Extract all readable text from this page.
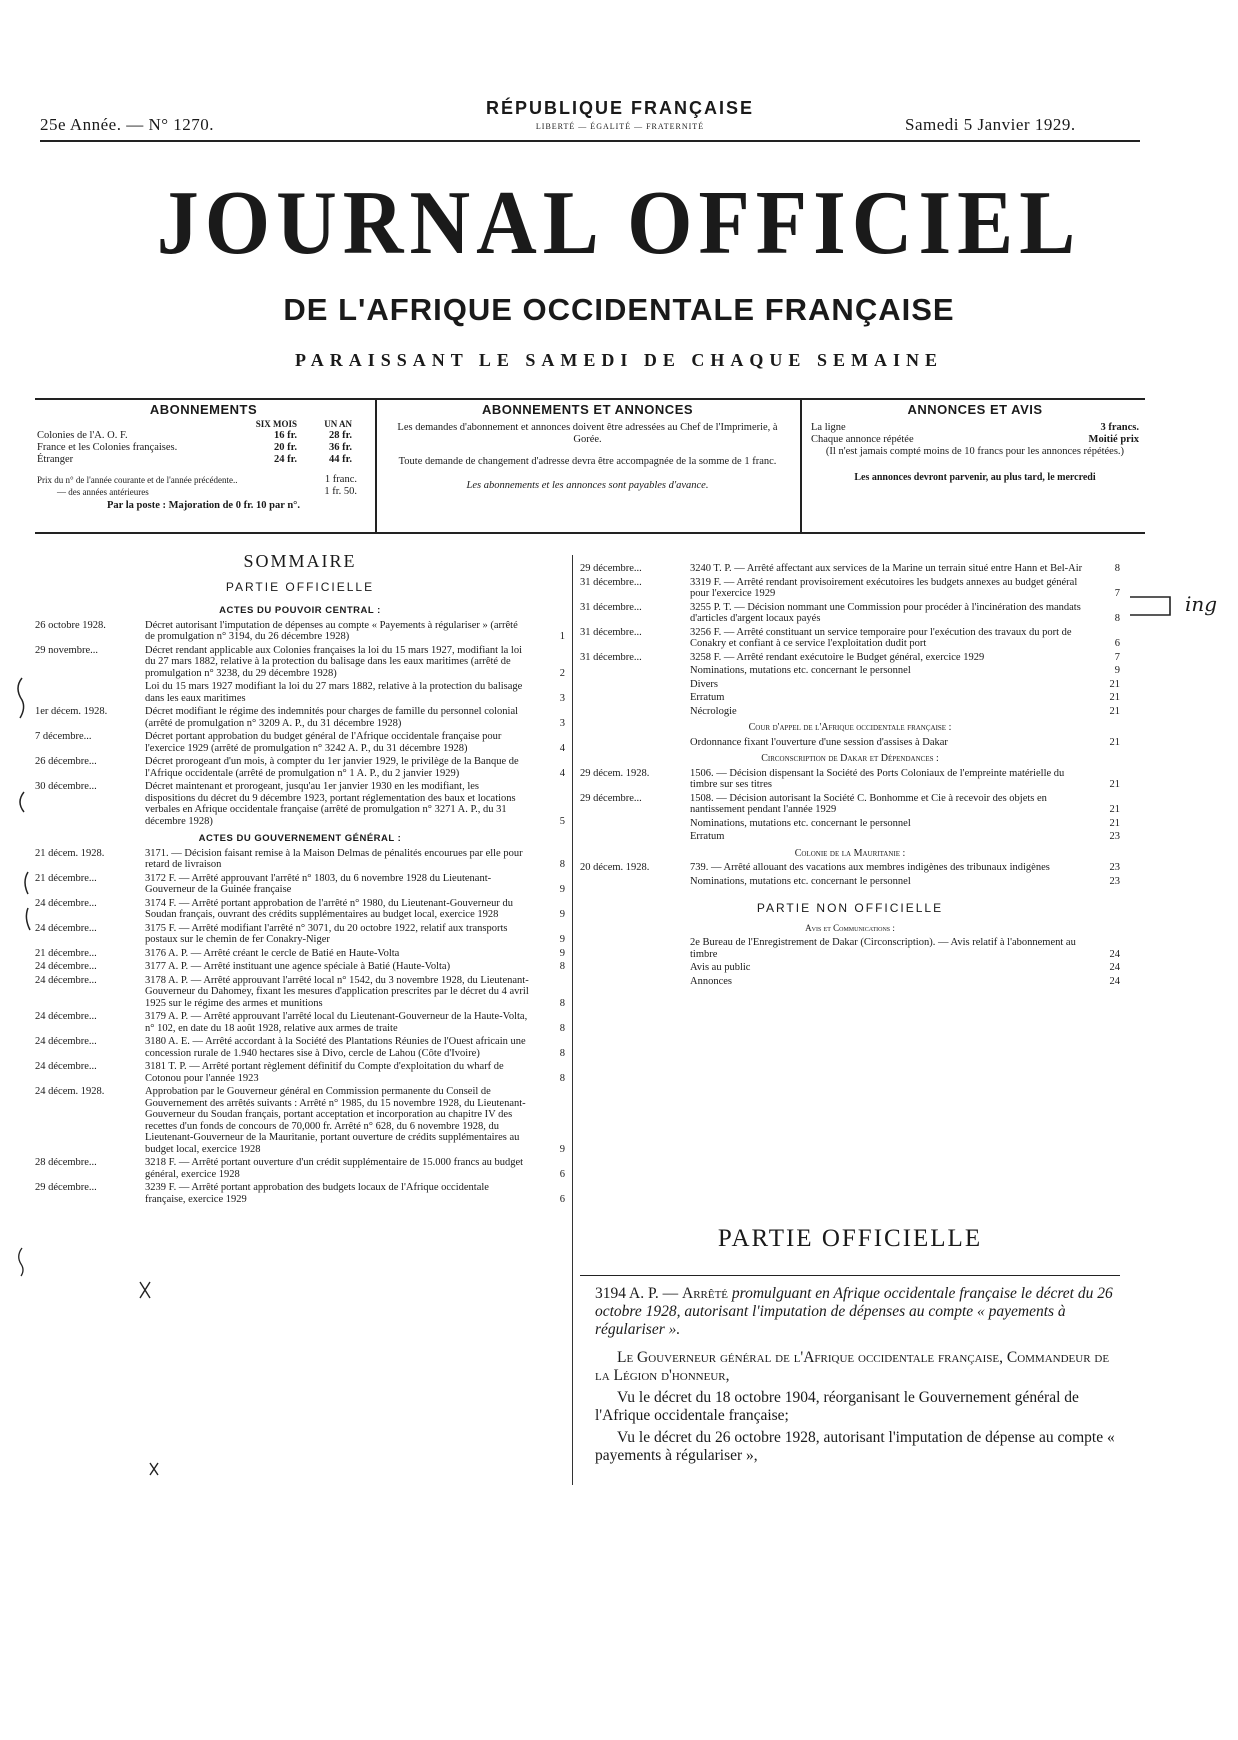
25e Année. — N° 1270.
RÉPUBLIQUE FRANÇAISE
LIBERTÉ — ÉGALITÉ — FRATERNITÉ	Samedi 5 Janvier 1929.
JOURNAL OFFICIEL
DE L'AFRIQUE OCCIDENTALE FRANÇAISE
PARAISSANT LE SAMEDI DE CHAQUE SEMAINE
ABONNEMENTS
SIX MOIS	UN AN
Colonies de l'A. O. F.	16 fr.	28 fr.
France et les Colonies françaises.	20 fr.	36 fr.
Étranger	24 fr.	44 fr.
Prix du n° de l'année courante et de l'année précédente..	1 franc.
— des années antérieures	1 fr. 50.
Par la poste : Majoration de 0 fr. 10 par n°.
ABONNEMENTS ET ANNONCES
Les demandes d'abonnement et annonces doivent être adressées au Chef de l'Imprimerie, à Gorée.
Toute demande de changement d'adresse devra être accompagnée de la somme de 1 franc.
Les abonnements et les annonces sont payables d'avance.
ANNONCES ET AVIS
La ligne	3 francs.
Chaque annonce répétée	Moitié prix
(Il n'est jamais compté moins de 10 francs pour les annonces répétées.)
Les annonces devront parvenir, au plus tard, le mercredi
SOMMAIRE
PARTIE OFFICIELLE
ACTES DU POUVOIR CENTRAL :
26 octobre 1928.	Décret autorisant l'imputation de dépenses au compte « Payements à régulariser » (arrêté de promulgation n° 3194, du 26 décembre 1928)	1
29 novembre...	Décret rendant applicable aux Colonies françaises la loi du 15 mars 1927, modifiant la loi du 27 mars 1882, relative à la protection du balisage dans les eaux maritimes (arrêté de promulgation n° 3238, du 29 décembre 1928)	2
Loi du 15 mars 1927 modifiant la loi du 27 mars 1882, relative à la protection du balisage dans les eaux maritimes	3
1er décem. 1928.	Décret modifiant le régime des indemnités pour charges de famille du personnel colonial (arrêté de promulgation n° 3209 A. P., du 31 décembre 1928)	3
7 décembre...	Décret portant approbation du budget général de l'Afrique occidentale française pour l'exercice 1929 (arrêté de promulgation n° 3242 A. P., du 31 décembre 1928)	4
26 décembre...	Décret prorogeant d'un mois, à compter du 1er janvier 1929, le privilège de la Banque de l'Afrique occidentale (arrêté de promulgation n° 1 A. P., du 2 janvier 1929)	4
30 décembre...	Décret maintenant et prorogeant, jusqu'au 1er janvier 1930 en les modifiant, les dispositions du décret du 9 décembre 1923, portant réglementation des baux et locations verbales en Afrique occidentale française (arrêté de promulgation n° 3271 A. P., du 31 décembre 1928)	5
ACTES DU GOUVERNEMENT GÉNÉRAL :
21 décem. 1928.	3171. — Décision faisant remise à la Maison Delmas de pénalités encourues par elle pour retard de livraison	8
21 décembre...	3172 F. — Arrêté approuvant l'arrêté n° 1803, du 6 novembre 1928 du Lieutenant-Gouverneur de la Guinée française	9
24 décembre...	3174 F. — Arrêté portant approbation de l'arrêté n° 1980, du Lieutenant-Gouverneur du Soudan français, ouvrant des crédits supplémentaires au budget local, exercice 1928	9
24 décembre...	3175 F. — Arrêté modifiant l'arrêté n° 3071, du 20 octobre 1922, relatif aux transports postaux sur le chemin de fer Conakry-Niger	9
21 décembre...	3176 A. P. — Arrêté créant le cercle de Batié en Haute-Volta	9
24 décembre...	3177 A. P. — Arrêté instituant une agence spéciale à Batié (Haute-Volta)	8
24 décembre...	3178 A. P. — Arrêté approuvant l'arrêté local n° 1542, du 3 novembre 1928, du Lieutenant-Gouverneur du Dahomey, fixant les mesures d'application prescrites par le décret du 4 avril 1925 sur le régime des armes et munitions	8
24 décembre...	3179 A. P. — Arrêté approuvant l'arrêté local du Lieutenant-Gouverneur de la Haute-Volta, n° 102, en date du 18 août 1928, relative aux armes de traite	8
24 décembre...	3180 A. E. — Arrêté accordant à la Société des Plantations Réunies de l'Ouest africain une concession rurale de 1.940 hectares sise à Divo, cercle de Lahou (Côte d'Ivoire)	8
24 décembre...	3181 T. P. — Arrêté portant règlement définitif du Compte d'exploitation du wharf de Cotonou pour l'année 1923	8
24 décem. 1928.	Approbation par le Gouverneur général en Commission permanente du Conseil de Gouvernement des arrêtés suivants : Arrêté n° 1985, du 15 novembre 1928, du Lieutenant-Gouverneur du Soudan français, portant acceptation et incorporation au chapitre IV des recettes d'un fonds de concours de 70,000 fr. Arrêté n° 628, du 6 novembre 1928, du Lieutenant-Gouverneur de la Mauritanie, portant ouverture de crédits supplémentaires au budget local, exercice 1928	9
28 décembre...	3218 F. — Arrêté portant ouverture d'un crédit supplémentaire de 15.000 francs au budget général, exercice 1928	6
29 décembre...	3239 F. — Arrêté portant approbation des budgets locaux de l'Afrique occidentale française, exercice 1929	6
29 décembre...	3240 T. P. — Arrêté affectant aux services de la Marine un terrain situé entre Hann et Bel-Air	8
31 décembre...	3319 F. — Arrêté rendant provisoirement exécutoires les budgets annexes au budget général pour l'exercice 1929	7
31 décembre...	3255 P. T. — Décision nommant une Commission pour procéder à l'incinération des mandats d'articles d'argent locaux payés	8
31 décembre...	3256 F. — Arrêté constituant un service temporaire pour l'exécution des travaux du port de Conakry et confiant à ce service l'exploitation dudit port	6
31 décembre...	3258 F. — Arrêté rendant exécutoire le Budget général, exercice 1929	7
Nominations, mutations etc. concernant le personnel	9
Divers	21
Erratum	21
Nécrologie	21
Cour d'appel de l'Afrique occidentale française :
Ordonnance fixant l'ouverture d'une session d'assises à Dakar	21
Circonscription de Dakar et Dépendances :
29 décem. 1928.	1506. — Décision dispensant la Société des Ports Coloniaux de l'empreinte matérielle du timbre sur ses titres	21
29 décembre...	1508. — Décision autorisant la Société C. Bonhomme et Cie à recevoir des objets en nantissement pendant l'année 1929	21
Nominations, mutations etc. concernant le personnel	21
Erratum	23
Colonie de la Mauritanie :
20 décem. 1928.	739. — Arrêté allouant des vacations aux membres indigènes des tribunaux indigènes	23
Nominations, mutations etc. concernant le personnel	23
PARTIE NON OFFICIELLE
Avis et Communications :
2e Bureau de l'Enregistrement de Dakar (Circonscription). — Avis relatif à l'abonnement au timbre	24
Avis au public	24
Annonces	24
PARTIE OFFICIELLE

3194 A. P. — Arrêté promulguant en Afrique occidentale française le décret du 26 octobre 1928, autorisant l'imputation de dépenses au compte « payements à régulariser ».

Le Gouverneur général de l'Afrique occidentale française, Commandeur de la Légion d'honneur,

Vu le décret du 18 octobre 1904, réorganisant le Gouvernement général de l'Afrique occidentale française;

Vu le décret du 26 octobre 1928, autorisant l'imputation de dépense au compte « payements à régulariser »,

ing
